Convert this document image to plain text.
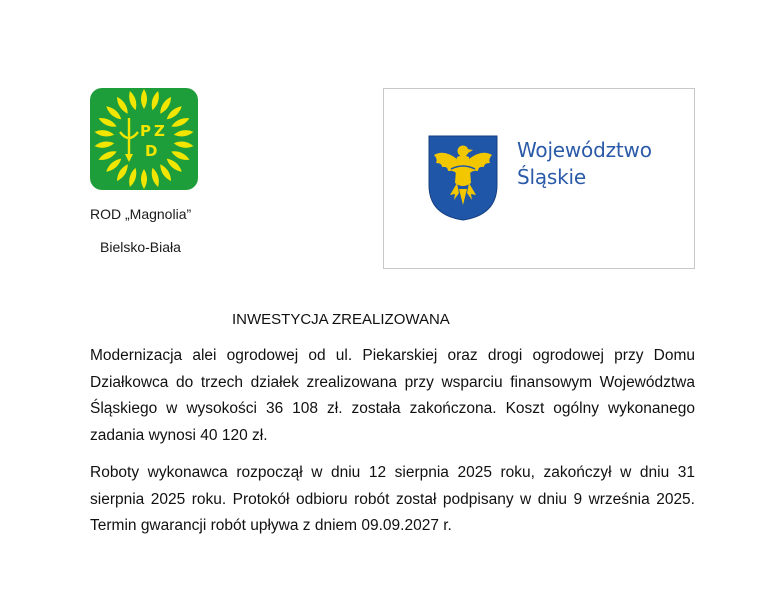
P Z
D
ROD „Magnolia”
Bielsko-Biała
Województwo
Śląskie
INWESTYCJA ZREALIZOWANA

Modernizacja alei ogrodowej od ul. Piekarskiej oraz drogi ogrodowej przy Domu Działkowca do trzech działek zrealizowana przy wsparciu finansowym Województwa Śląskiego w wysokości 36 108 zł. została zakończona. Koszt ogólny wykonanego zadania wynosi 40 120 zł.

Roboty wykonawca rozpoczął w dniu 12 sierpnia 2025 roku, zakończył w dniu 31 sierpnia 2025 roku. Protokół odbioru robót został podpisany w dniu 9 września 2025. Termin gwarancji robót upływa z dniem 09.09.2027 r.
